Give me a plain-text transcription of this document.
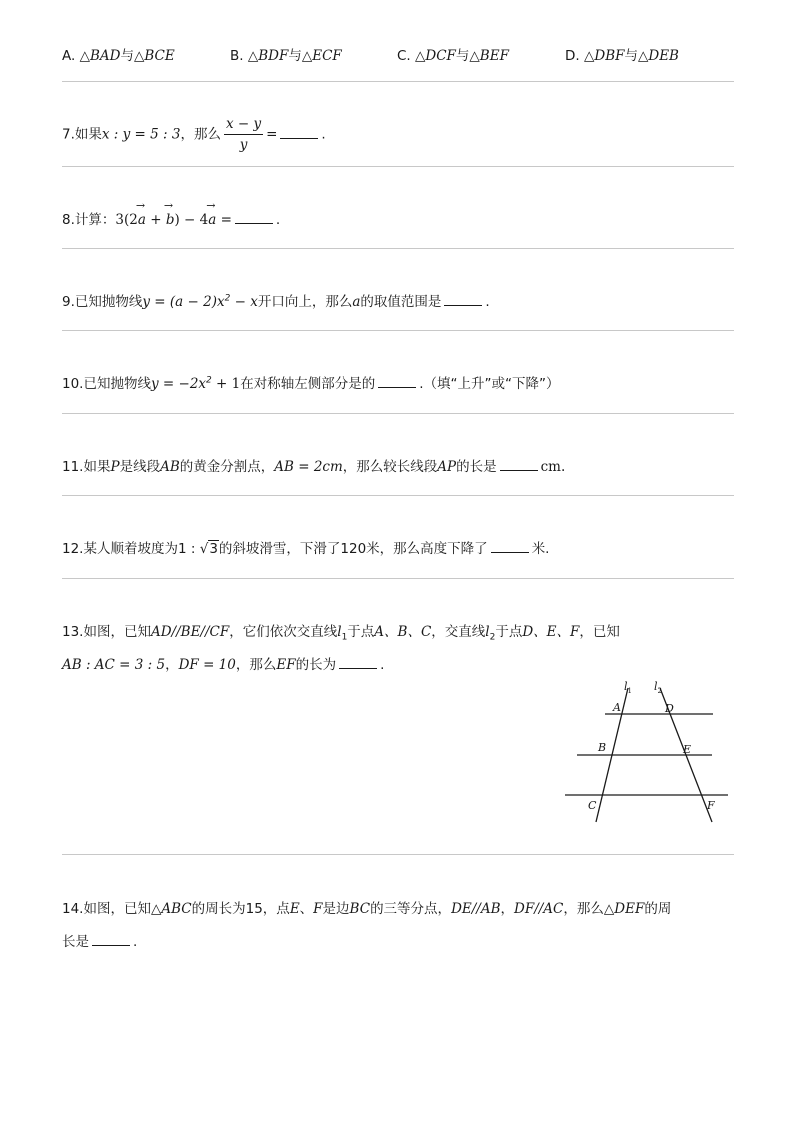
A. △BAD与△BCE	B. △BDF与△ECF	C. △DCF与△BEF	D. △DBF与△DEB
7.如果x : y = 5 : 3，那么 $\frac{x - y}{y}$ =	.
8.计算：3(2→ a + → b) − 4→ a =	.
9.已知抛物线$y = (a - 2)x^2 - x$开口向上，那么a的取值范围是	.
10.已知抛物线$y = -2x^2 + 1$在对称轴左侧部分是的	.（填“上升”或“下降”）
11.如果P是线段AB的黄金分割点，AB = 2cm，那么较长线段AP的长是	cm.
12.某人顺着坡度为1 : √3的斜坡滑雪，下滑了120米，那么高度下降了	米.
13.如图，已知AD//BE//CF，它们依次交直线$l_1$于点A、B、C，交直线$l_2$于点D、E、F，已知
AB : AC = 3 : 5，DF = 10，那么EF的长为	.
$l_1$ $l_2$
A	D
B	E
C	F
14.如图，已知△ABC的周长为15，点E、F是边BC的三等分点，DE//AB，DF//AC，那么△DEF的周
长是	.
